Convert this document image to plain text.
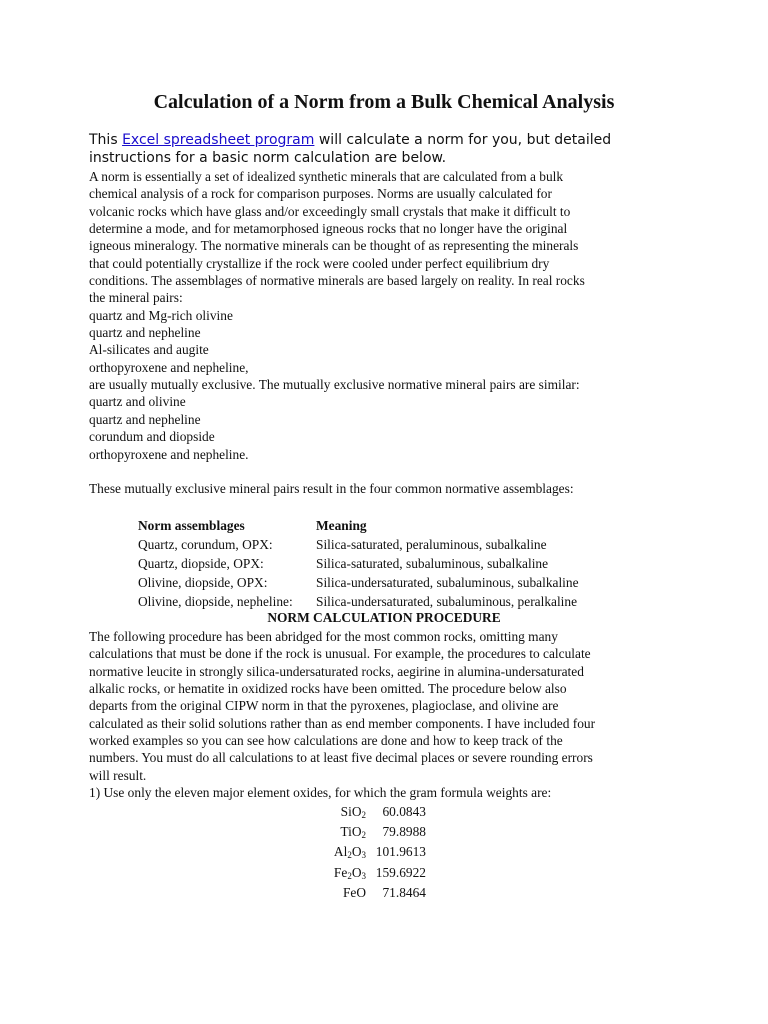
Calculation of a Norm from a Bulk Chemical Analysis
This Excel spreadsheet program will calculate a norm for you, but detailed
instructions for a basic norm calculation are below.
A norm is essentially a set of idealized synthetic minerals that are calculated from a bulk
chemical analysis of a rock for comparison purposes. Norms are usually calculated for
volcanic rocks which have glass and/or exceedingly small crystals that make it difficult to
determine a mode, and for metamorphosed igneous rocks that no longer have the original
igneous mineralogy. The normative minerals can be thought of as representing the minerals
that could potentially crystallize if the rock were cooled under perfect equilibrium dry
conditions. The assemblages of normative minerals are based largely on reality. In real rocks
the mineral pairs:
quartz and Mg-rich olivine
quartz and nepheline
Al-silicates and augite
orthopyroxene and nepheline,
are usually mutually exclusive. The mutually exclusive normative mineral pairs are similar:
quartz and olivine
quartz and nepheline
corundum and diopside
orthopyroxene and nepheline.
These mutually exclusive mineral pairs result in the four common normative assemblages:
Norm assemblages	Meaning
Quartz, corundum, OPX:	Silica-saturated, peraluminous, subalkaline
Quartz, diopside, OPX:	Silica-saturated, subaluminous, subalkaline
Olivine, diopside, OPX:	Silica-undersaturated, subaluminous, subalkaline
Olivine, diopside, nepheline:	Silica-undersaturated, subaluminous, peralkaline
NORM CALCULATION PROCEDURE
The following procedure has been abridged for the most common rocks, omitting many
calculations that must be done if the rock is unusual. For example, the procedures to calculate
normative leucite in strongly silica-undersaturated rocks, aegirine in alumina-undersaturated
alkalic rocks, or hematite in oxidized rocks have been omitted. The procedure below also
departs from the original CIPW norm in that the pyroxenes, plagioclase, and olivine are
calculated as their solid solutions rather than as end member components. I have included four
worked examples so you can see how calculations are done and how to keep track of the
numbers. You must do all calculations to at least five decimal places or severe rounding errors
will result.
1) Use only the eleven major element oxides, for which the gram formula weights are:
SiO$_2$	60.0843
TiO$_2$	79.8988
$Al_2O_3$ 101.9613
$Fe_2O_3$ 159.6922
FeO	71.8464
